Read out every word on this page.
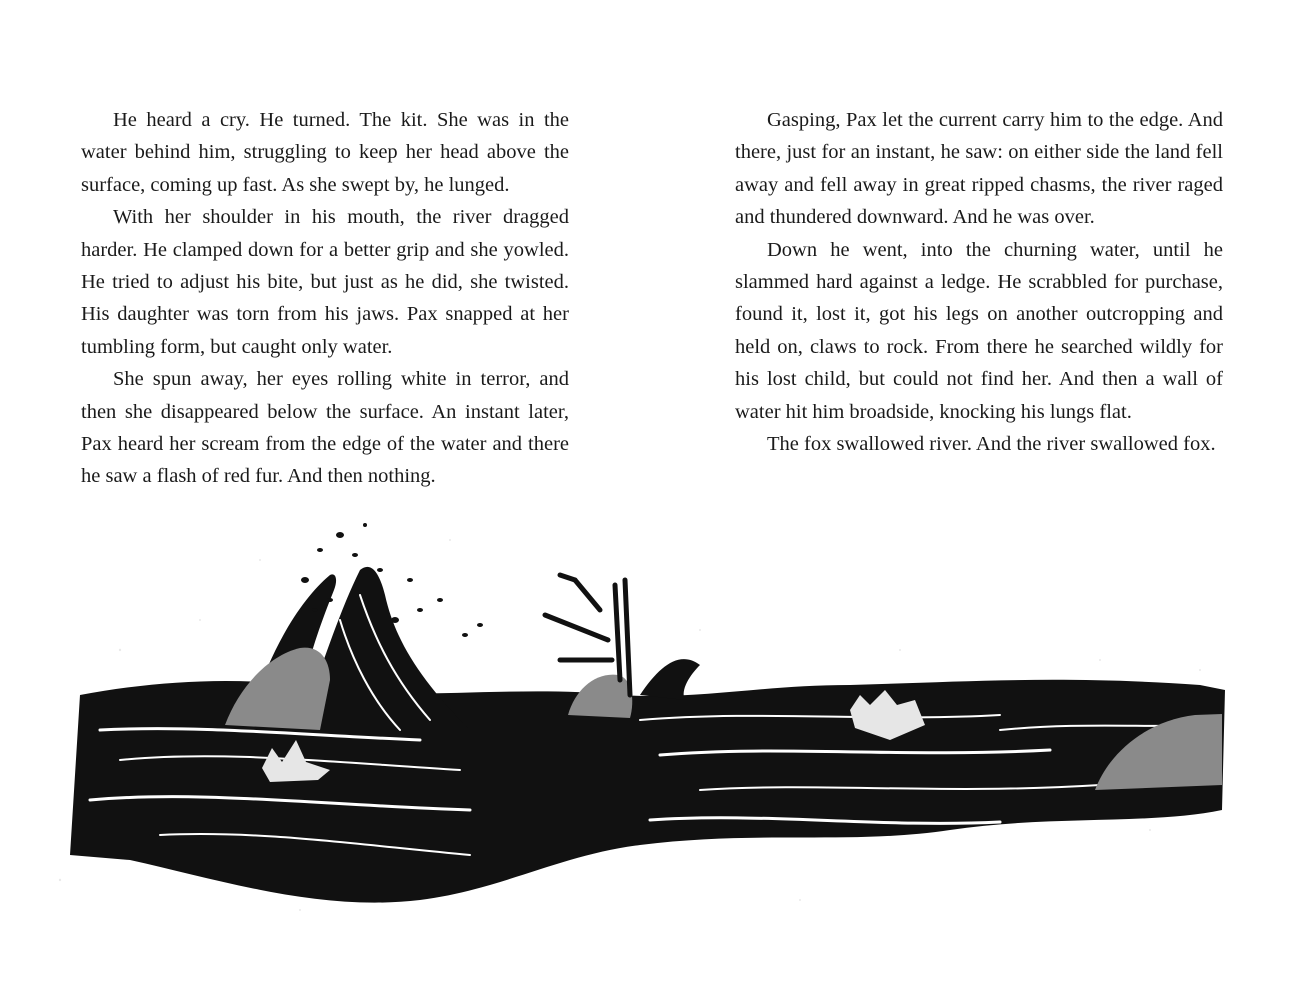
He heard a cry. He turned. The kit. She was in the water behind him, struggling to keep her head above the surface, coming up fast. As she swept by, he lunged.

With her shoulder in his mouth, the river dragged harder. He clamped down for a better grip and she yowled. He tried to adjust his bite, but just as he did, she twisted. His daughter was torn from his jaws. Pax snapped at her tumbling form, but caught only water.

She spun away, her eyes rolling white in terror, and then she disappeared below the surface. An instant later, Pax heard her scream from the edge of the water and there he saw a flash of red fur. And then nothing.

Gasping, Pax let the current carry him to the edge. And there, just for an instant, he saw: on either side the land fell away and fell away in great ripped chasms, the river raged and thundered downward. And he was over.

Down he went, into the churning water, until he slammed hard against a ledge. He scrabbled for purchase, found it, lost it, got his legs on another outcropping and held on, claws to rock. From there he searched wildly for his lost child, but could not find her. And then a wall of water hit him broadside, knocking his lungs flat.

The fox swallowed river. And the river swallowed fox.
